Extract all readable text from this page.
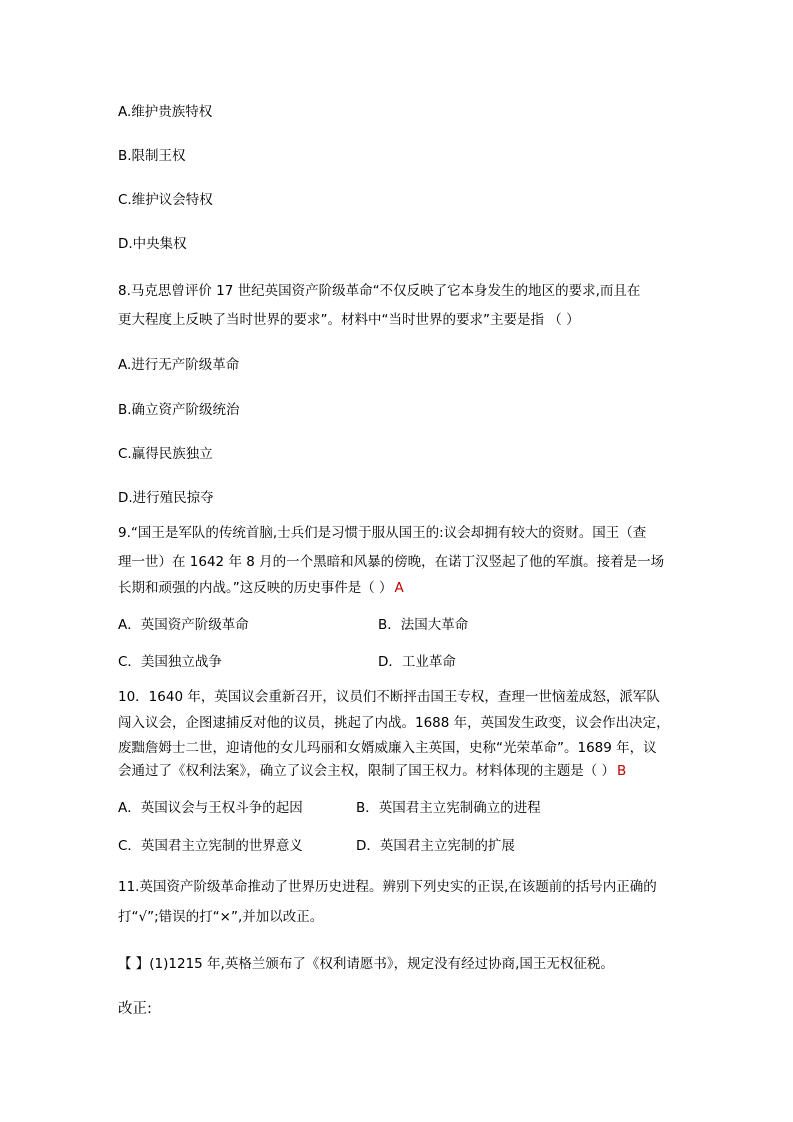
A.维护贵族特权
B.限制王权
C.维护议会特权
D.中央集权
8.马克思曾评价 17 世纪英国资产阶级革命“不仅反映了它本身发生的地区的要求,而且在
更大程度上反映了当时世界的要求”。材料中“当时世界的要求”主要是指 （ ）
A.进行无产阶级革命
B.确立资产阶级统治
C.赢得民族独立
D.进行殖民掠夺
9.“国王是军队的传统首脑,士兵们是习惯于服从国王的:议会却拥有较大的资财。国王（查
理一世）在 1642 年 8 月的一个黑暗和风暴的傍晚，在诺丁汉竖起了他的军旗。接着是一场
长期和顽强的内战。”这反映的历史事件是（ ） A
A．英国资产阶级革命	B．法国大革命
C．美国独立战争	D．工业革命
10．1640 年，英国议会重新召开，议员们不断抨击国王专权，查理一世恼羞成怒，派军队
闯入议会，企图逮捕反对他的议员，挑起了内战。1688 年，英国发生政变，议会作出决定，
废黜詹姆士二世，迎请他的女儿玛丽和女婿威廉入主英国，史称“光荣革命”。1689 年，议
会通过了《权利法案》，确立了议会主权，限制了国王权力。材料体现的主题是（ ） B
A．英国议会与王权斗争的起因	B．英国君主立宪制确立的进程
C．英国君主立宪制的世界意义	D．英国君主立宪制的扩展
11.英国资产阶级革命推动了世界历史进程。辨别下列史实的正误,在该题前的括号内正确的
打“√”;错误的打“×”,并加以改正。
【 】(1)1215 年,英格兰颁布了《权利请愿书》，规定没有经过协商,国王无权征税。
改正:
